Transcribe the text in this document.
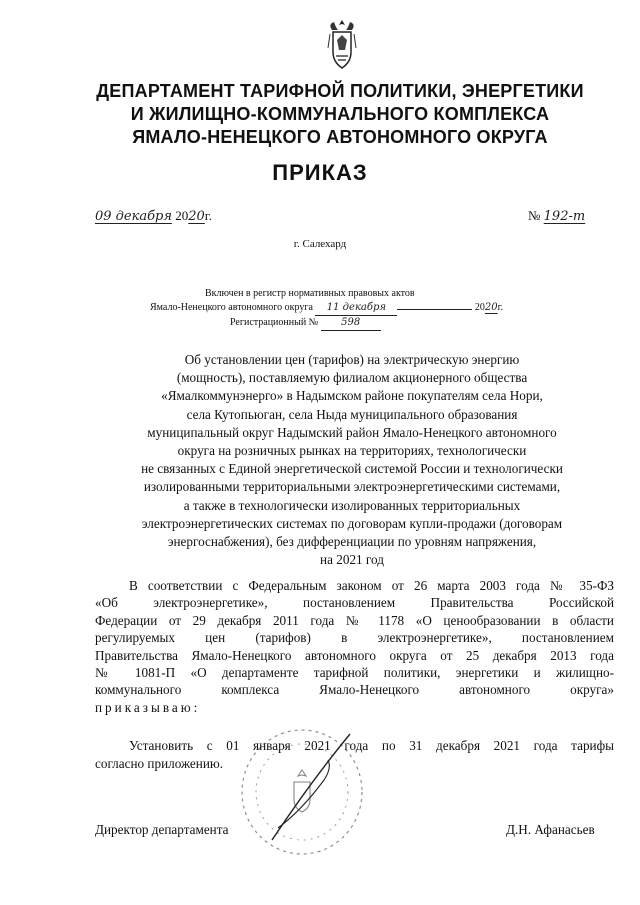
ДЕПАРТАМЕНТ ТАРИФНОЙ ПОЛИТИКИ, ЭНЕРГЕТИКИ
И ЖИЛИЩНО-КОММУНАЛЬНОГО КОМПЛЕКСА
ЯМАЛО-НЕНЕЦКОГО АВТОНОМНОГО ОКРУГА
ПРИКАЗ
09 декабря 2020г.	№ 192-т
г. Салехард
Включен в регистр нормативных правовых актов
Ямало-Ненецкого автономного округа 11 декабря	2020г.
Регистрационный № 598
Об установлении цен (тарифов) на электрическую энергию
(мощность), поставляемую филиалом акционерного общества
«Ямалкоммунэнерго» в Надымском районе покупателям села Нори,
села Кутопьюган, села Ныда муниципального образования
муниципальный округ Надымский район Ямало-Ненецкого автономного
округа на розничных рынках на территориях, технологически
не связанных с Единой энергетической системой России и технологически
изолированными территориальными электроэнергетическими системами,
а также в технологически изолированных территориальных
электроэнергетических системах по договорам купли-продажи (договорам
энергоснабжения), без дифференциации по уровням напряжения,
на 2021 год
В соответствии с Федеральным законом от 26 марта 2003 года № 35-ФЗ
«Об электроэнергетике», постановлением Правительства Российской
Федерации от 29 декабря 2011 года № 1178 «О ценообразовании в области
регулируемых цен (тарифов) в электроэнергетике», постановлением
Правительства Ямало-Ненецкого автономного округа от 25 декабря 2013 года
№ 1081-П «О департаменте тарифной политики, энергетики и жилищно-
коммунального комплекса Ямало-Ненецкого автономного округа»
приказываю:
Установить с 01 января 2021 года по 31 декабря 2021 года тарифы
согласно приложению.
Директор департамента	Д.Н. Афанасьев
